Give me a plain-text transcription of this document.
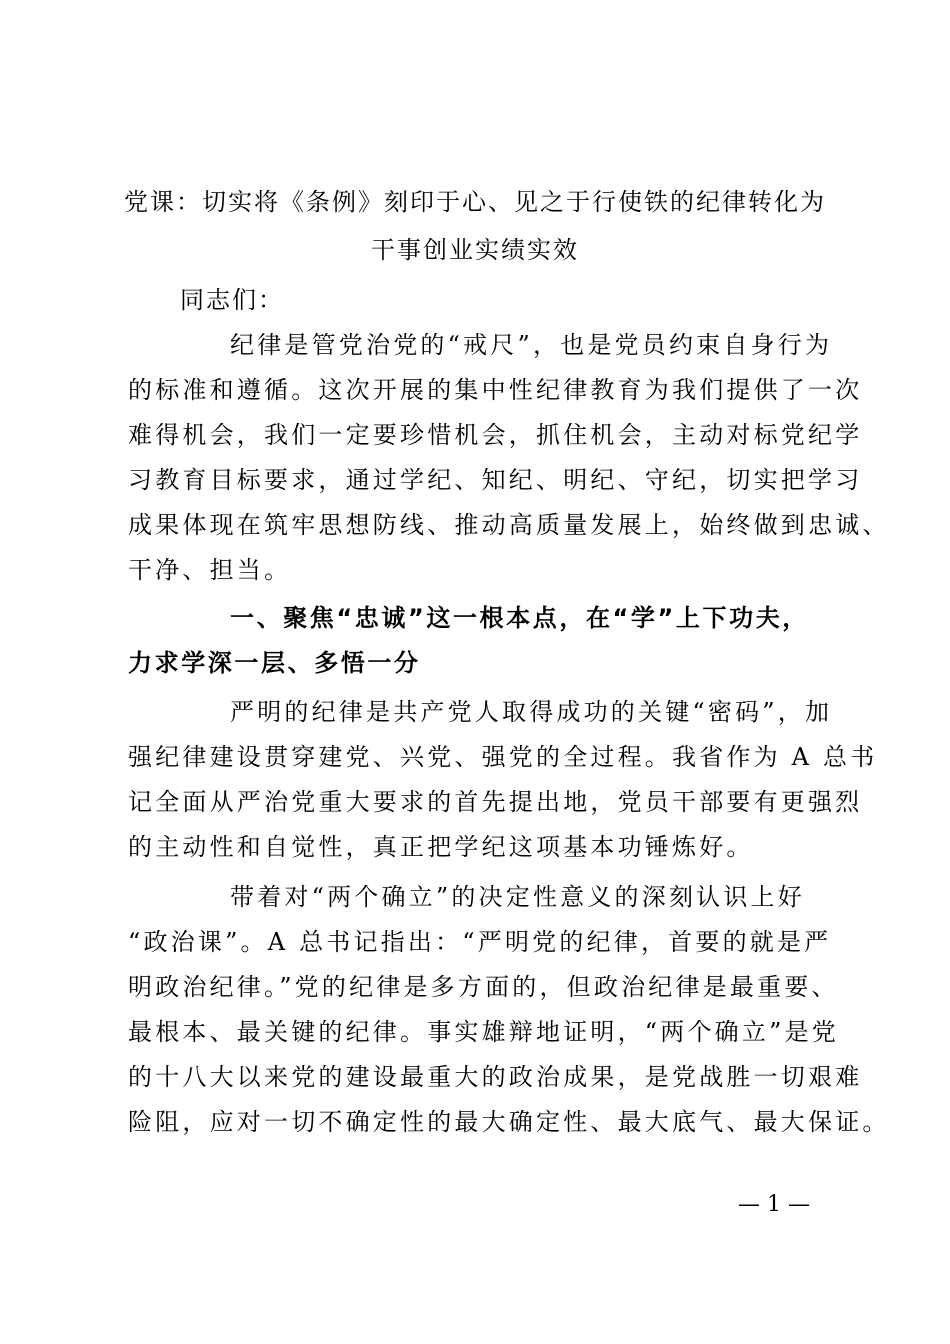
党课：切实将《条例》刻印于心、见之于行使铁的纪律转化为
干事创业实绩实效
同志们：
纪律是管党治党的“戒尺”，也是党员约束自身行为
的标准和遵循。这次开展的集中性纪律教育为我们提供了一次
难得机会，我们一定要珍惜机会，抓住机会，主动对标党纪学
习教育目标要求，通过学纪、知纪、明纪、守纪，切实把学习
成果体现在筑牢思想防线、推动高质量发展上，始终做到忠诚、
干净、担当。
一、聚焦“忠诚”这一根本点，在“学”上下功夫，
力求学深一层、多悟一分
严明的纪律是共产党人取得成功的关键“密码”，加
强纪律建设贯穿建党、兴党、强党的全过程。我省作为 A 总书
记全面从严治党重大要求的首先提出地，党员干部要有更强烈
的主动性和自觉性，真正把学纪这项基本功锤炼好。
带着对“两个确立”的决定性意义的深刻认识上好
“政治课”。A 总书记指出：“严明党的纪律，首要的就是严
明政治纪律。”党的纪律是多方面的，但政治纪律是最重要、
最根本、最关键的纪律。事实雄辩地证明，“两个确立”是党
的十八大以来党的建设最重大的政治成果，是党战胜一切艰难
险阻，应对一切不确定性的最大确定性、最大底气、最大保证。
— 1 —
